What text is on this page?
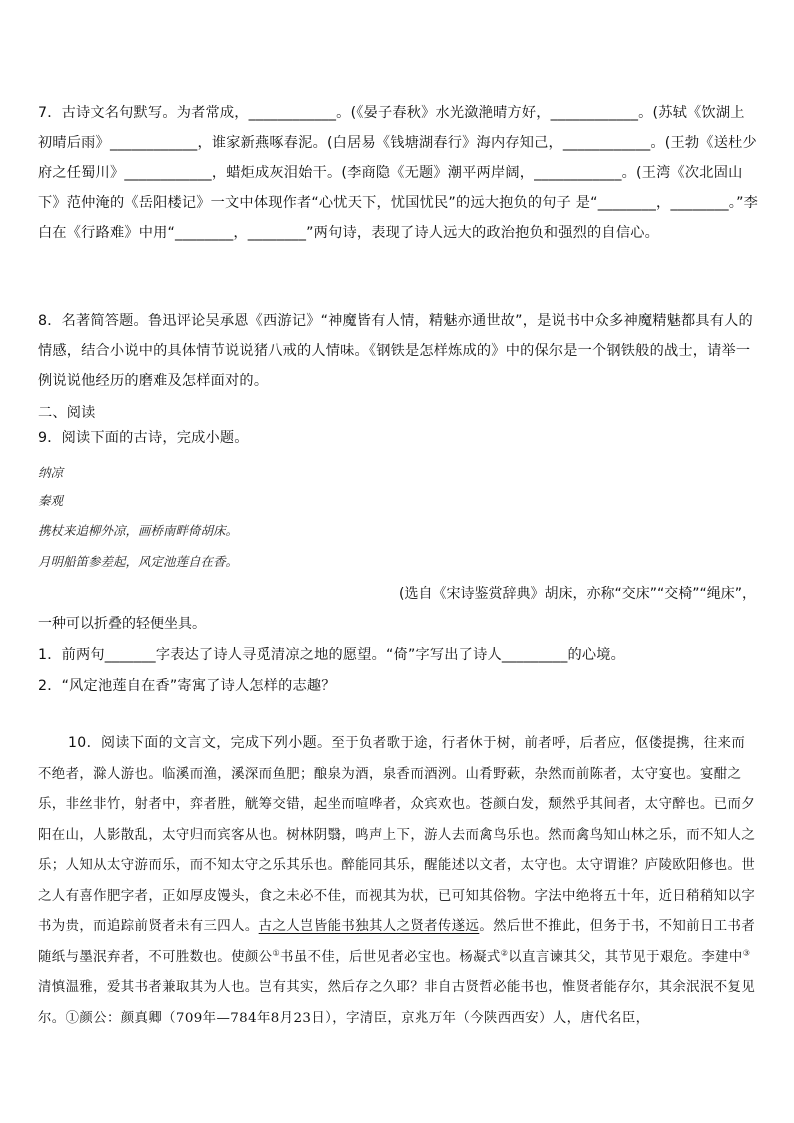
7．古诗文名句默写。为者常成，____________。(《晏子春秋》水光潋滟晴方好，____________。(苏轼《饮湖上初晴后雨》____________，谁家新燕啄春泥。(白居易《钱塘湖春行》海内存知己，____________。(王勃《送杜少府之任蜀川》____________，蜡炬成灰泪始干。(李商隐《无题》潮平两岸阔，____________。(王湾《次北固山下》范仲淹的《岳阳楼记》一文中体现作者“心忧天下，忧国忧民”的远大抱负的句子 是“________，________。”李白在《行路难》中用“________，________”两句诗，表现了诗人远大的政治抱负和强烈的自信心。

8．名著简答题。鲁迅评论吴承恩《西游记》“神魔皆有人情，精魅亦通世故”，是说书中众多神魔精魅都具有人的情感，结合小说中的具体情节说说猪八戒的人情味。《钢铁是怎样炼成的》中的保尔是一个钢铁般的战士，请举一例说说他经历的磨难及怎样面对的。

二、阅读

9．阅读下面的古诗，完成小题。

纳凉
秦观
携杖来追柳外凉，画桥南畔倚胡床。
月明船笛参差起，风定池莲自在香。
(选自《宋诗鉴赏辞典》胡床，亦称“交床”“交椅”“绳床”，
一种可以折叠的轻便坐具。

1．前两句_______字表达了诗人寻觅清凉之地的愿望。“倚”字写出了诗人_________的心境。

2．“风定池莲自在香”寄寓了诗人怎样的志趣？

10．阅读下面的文言文，完成下列小题。至于负者歌于途，行者休于树，前者呼，后者应，伛偻提携，往来而不绝者，滁人游也。临溪而渔，溪深而鱼肥；酿泉为酒，泉香而酒洌。山肴野蔌，杂然而前陈者，太守宴也。宴酣之乐，非丝非竹，射者中，弈者胜，觥筹交错，起坐而喧哗者，众宾欢也。苍颜白发，颓然乎其间者，太守醉也。已而夕阳在山，人影散乱，太守归而宾客从也。树林阴翳，鸣声上下，游人去而禽鸟乐也。然而禽鸟知山林之乐，而不知人之乐；人知从太守游而乐，而不知太守之乐其乐也。醉能同其乐，醒能述以文者，太守也。太守谓谁？庐陵欧阳修也。世之人有喜作肥字者，正如厚皮馒头，食之未必不佳，而视其为状，已可知其俗物。字法中绝将五十年，近日稍稍知以字书为贵，而追踪前贤者未有三四人。古之人岂皆能书独其人之贤者传遂远。然后世不推此，但务于书，不知前日工书者随纸与墨泯弃者，不可胜数也。使颜公①书虽不佳，后世见者必宝也。杨凝式②以直言谏其父，其节见于艰危。李建中③清慎温雅，爱其书者兼取其为人也。岂有其实，然后存之久耶？非自古贤哲必能书也，惟贤者能存尔，其余泯泯不复见尔。①颜公：颜真卿（709年—784年8月23日），字清臣，京兆万年（今陕西西安）人，唐代名臣，
